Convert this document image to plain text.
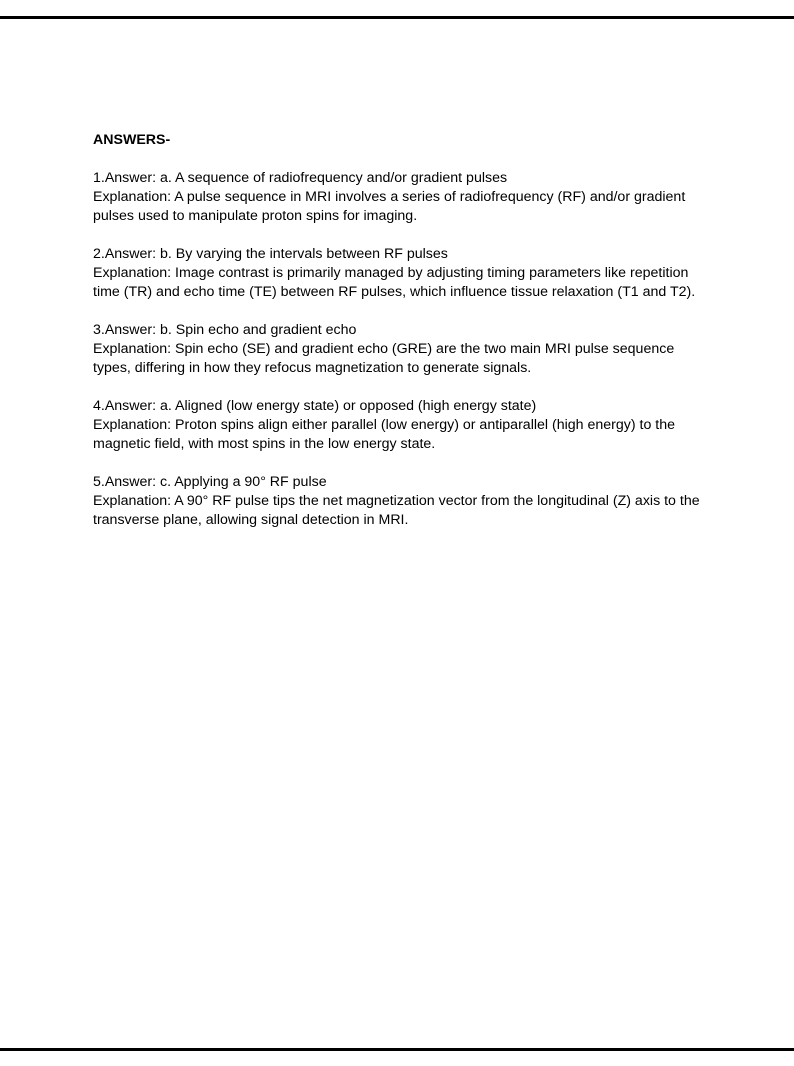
ANSWERS-

1.Answer: a. A sequence of radiofrequency and/or gradient pulses

Explanation: A pulse sequence in MRI involves a series of radiofrequency (RF) and/or gradient pulses used to manipulate proton spins for imaging.

2.Answer: b. By varying the intervals between RF pulses

Explanation: Image contrast is primarily managed by adjusting timing parameters like repetition time (TR) and echo time (TE) between RF pulses, which influence tissue relaxation (T1 and T2).

3.Answer: b. Spin echo and gradient echo

Explanation: Spin echo (SE) and gradient echo (GRE) are the two main MRI pulse sequence types, differing in how they refocus magnetization to generate signals.

4.Answer: a. Aligned (low energy state) or opposed (high energy state)

Explanation: Proton spins align either parallel (low energy) or antiparallel (high energy) to the magnetic field, with most spins in the low energy state.

5.Answer: c. Applying a 90° RF pulse

Explanation: A 90° RF pulse tips the net magnetization vector from the longitudinal (Z) axis to the transverse plane, allowing signal detection in MRI.
